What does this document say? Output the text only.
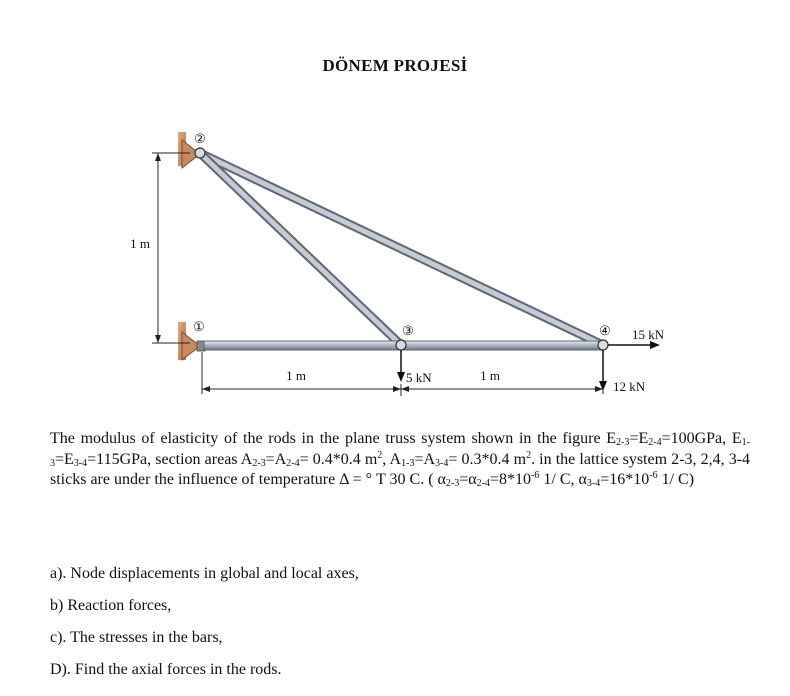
DÖNEM PROJESİ
①
②
③	④
1 m
1 m	1 m
5 kN
15 kN
12 kN
The modulus of elasticity of the rods in the plane truss system shown in the figure $E_{2-3}=E_{2-4}=100GPa$, $E_{1-3}=E_{3-4}=115GPa$, section areas $A_{2-3}=A_{2-4}= 0.4*0.4$ $m^2$, $A_{1-3}=A_{3-4}= 0.3*0.4$ $m^2$. in the lattice system 2-3, 2,4, 3-4 sticks are under the influence of temperature Δ = ° T 30 C. ( $\alpha_{2-3}=\alpha_{2-4}=8*10^{-6}$ 1/ C, $\alpha_{3-4}=16*10^{-6}$ 1/ C)
a). Node displacements in global and local axes,
b) Reaction forces,
c). The stresses in the bars,
D). Find the axial forces in the rods.
